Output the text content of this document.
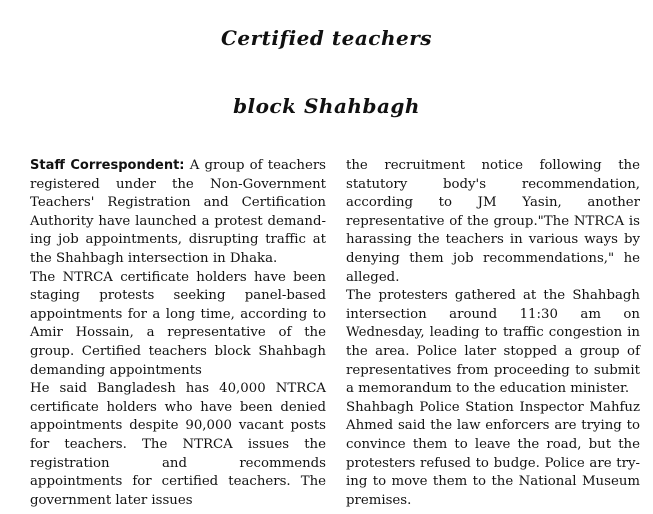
Certified teachers
block Shahbagh

Staff Correspondent: A group of teachers registered under the Non-Government Teachers' Registration and Certification Authority have launched a protest demanding job appointments, disrupting traffic at the Shahbagh intersection in Dhaka.

The NTRCA certificate holders have been staging protests seeking panel-based appointments for a long time, according to Amir Hossain, a representative of the group. Certified teachers block Shahbagh demanding appointments

He said Bangladesh has 40,000 NTRCA certificate holders who have been denied appointments despite 90,000 vacant posts for teachers. The NTRCA issues the registration and recommends appointments for certified teachers. The government later issues

the recruitment notice following the statutory body's recommendation, according to JM Yasin, another representative of the group."The NTRCA is harassing the teachers in various ways by denying them job recommendations," he alleged.

The protesters gathered at the Shahbagh intersection around 11:30 am on Wednesday, leading to traffic congestion in the area. Police later stopped a group of representatives from proceeding to submit a memorandum to the education minister.

Shahbagh Police Station Inspector Mahfuz Ahmed said the law enforcers are trying to convince them to leave the road, but the protesters refused to budge. Police are trying to move them to the National Museum premises.
